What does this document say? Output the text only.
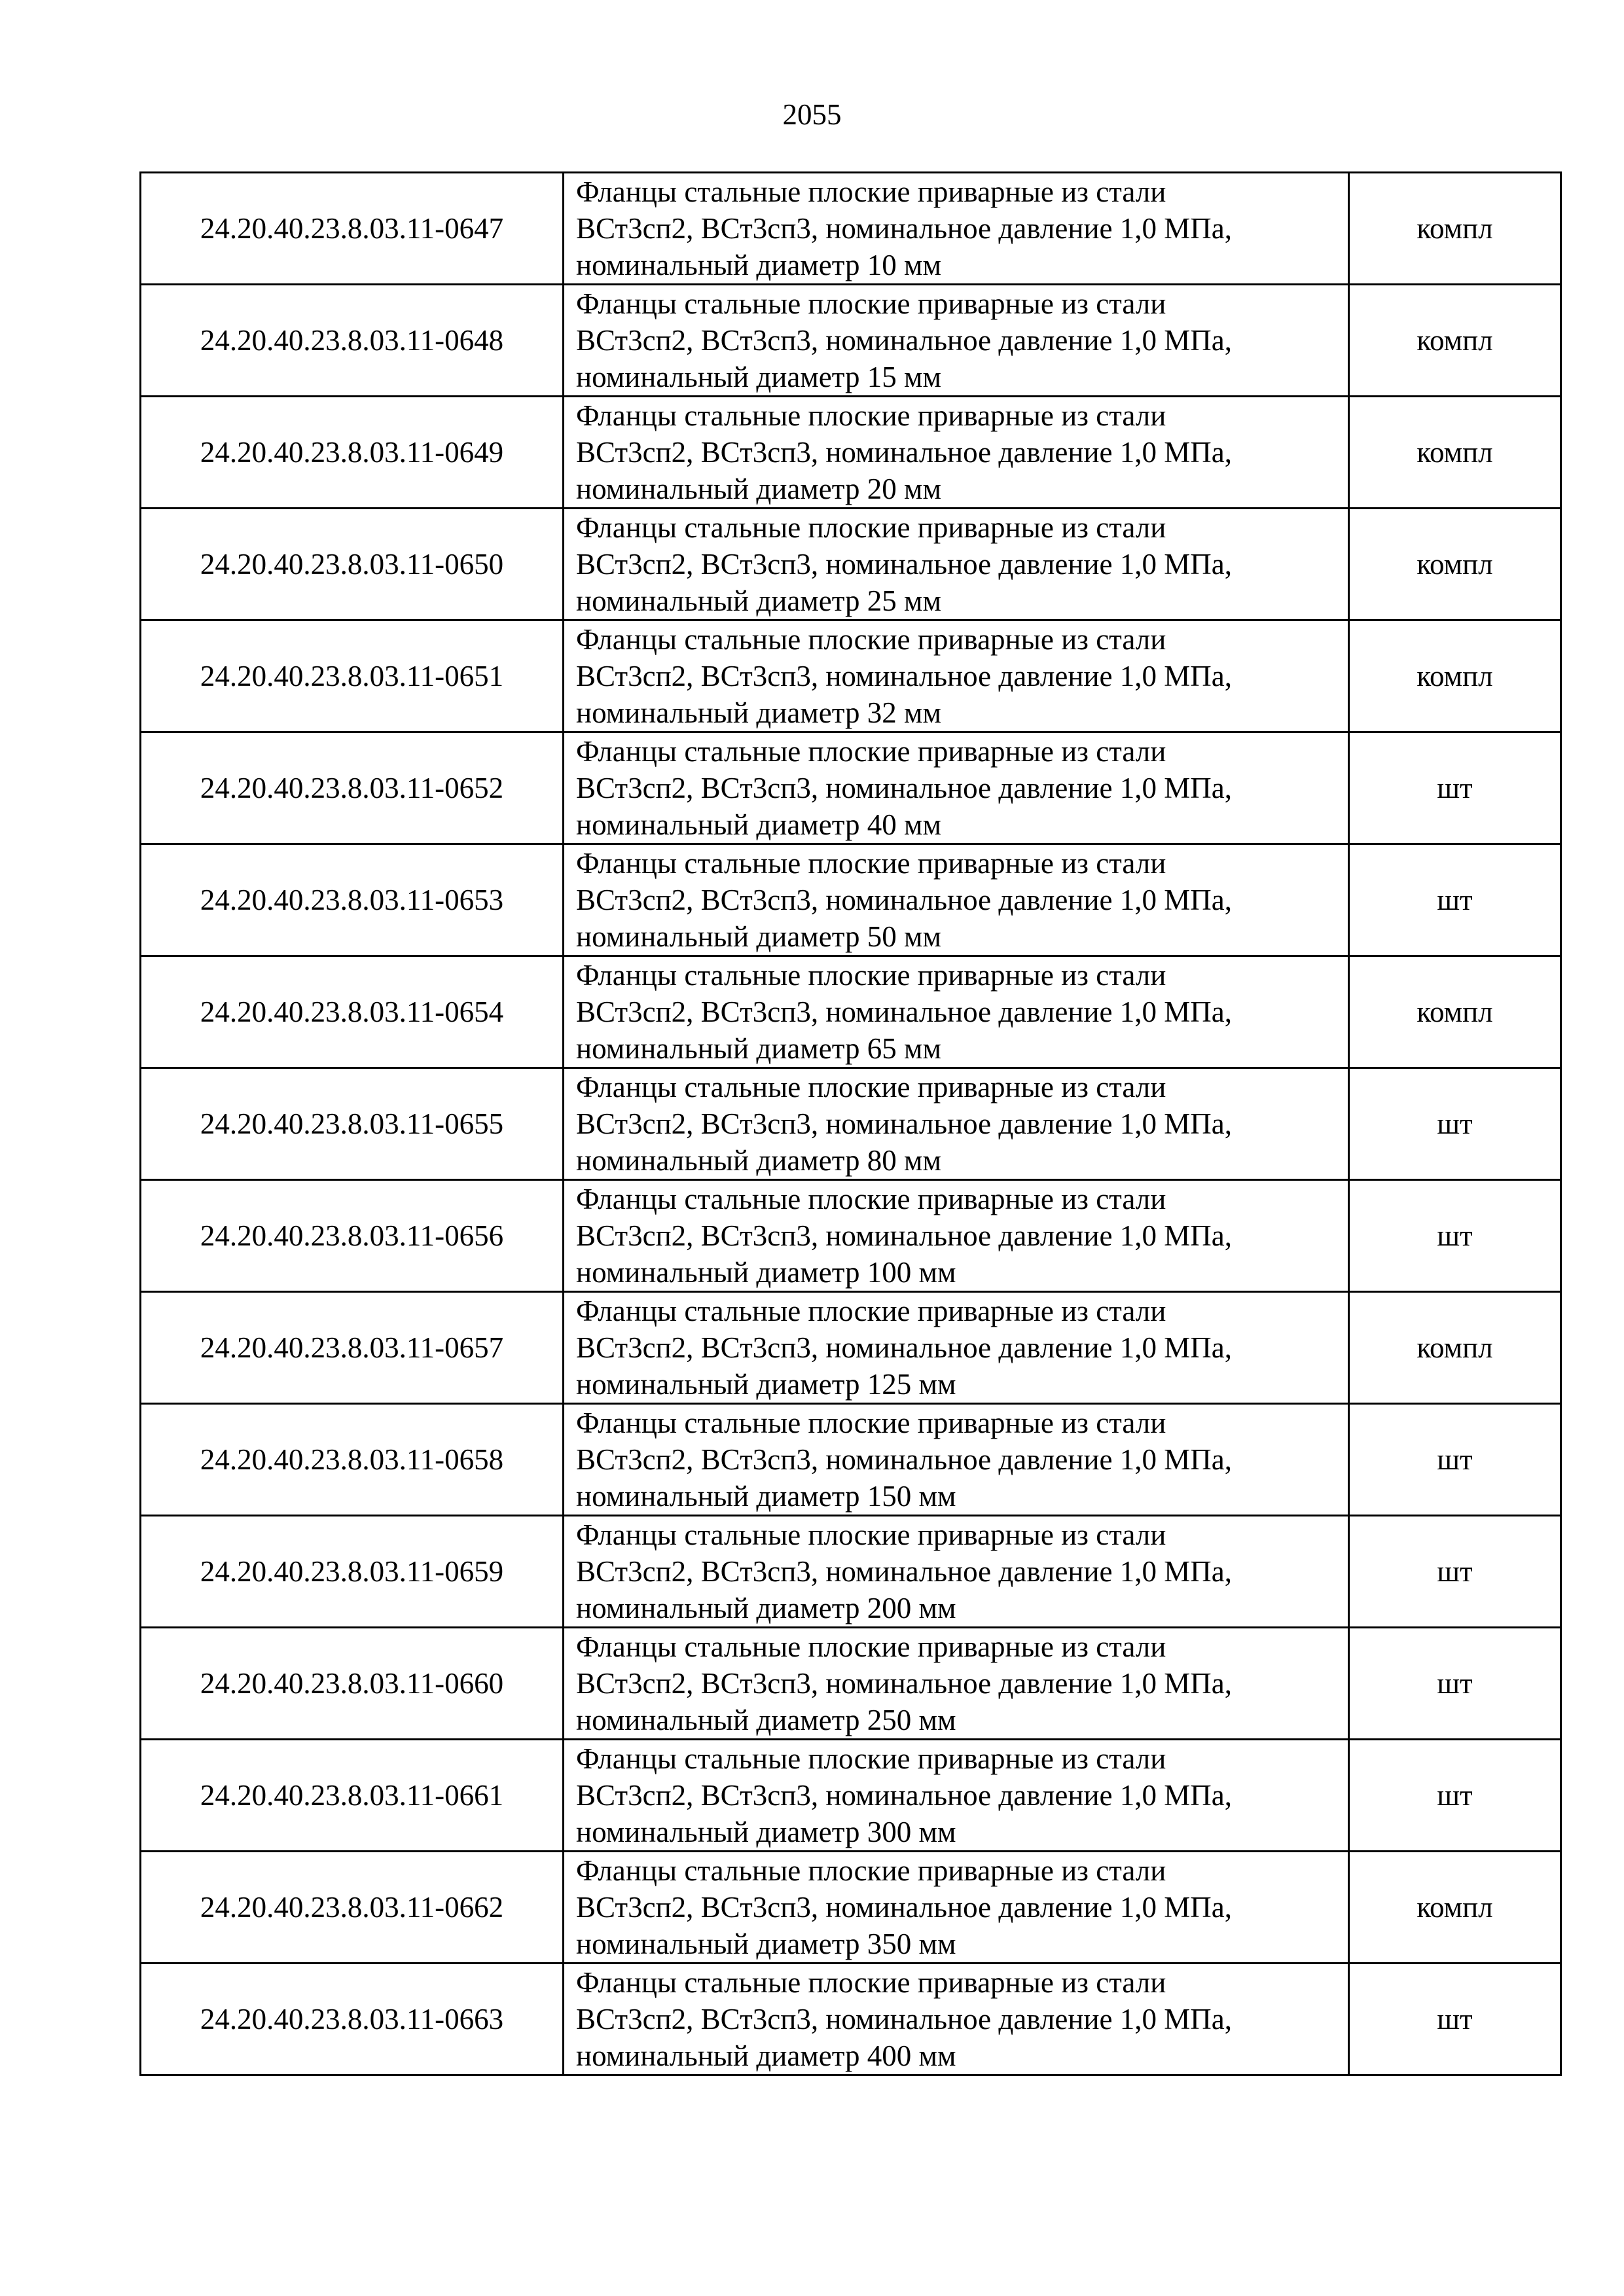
2055
24.20.40.23.8.03.11-0647	Фланцы стальные плоские приварные из стали
ВСт3сп2, ВСт3сп3, номинальное давление 1,0 МПа,
номинальный диаметр 10 мм	компл
24.20.40.23.8.03.11-0648	Фланцы стальные плоские приварные из стали
ВСт3сп2, ВСт3сп3, номинальное давление 1,0 МПа,
номинальный диаметр 15 мм	компл
24.20.40.23.8.03.11-0649	Фланцы стальные плоские приварные из стали
ВСт3сп2, ВСт3сп3, номинальное давление 1,0 МПа,
номинальный диаметр 20 мм	компл
24.20.40.23.8.03.11-0650	Фланцы стальные плоские приварные из стали
ВСт3сп2, ВСт3сп3, номинальное давление 1,0 МПа,
номинальный диаметр 25 мм	компл
24.20.40.23.8.03.11-0651	Фланцы стальные плоские приварные из стали
ВСт3сп2, ВСт3сп3, номинальное давление 1,0 МПа,
номинальный диаметр 32 мм	компл
24.20.40.23.8.03.11-0652	Фланцы стальные плоские приварные из стали
ВСт3сп2, ВСт3сп3, номинальное давление 1,0 МПа,
номинальный диаметр 40 мм	шт
24.20.40.23.8.03.11-0653	Фланцы стальные плоские приварные из стали
ВСт3сп2, ВСт3сп3, номинальное давление 1,0 МПа,
номинальный диаметр 50 мм	шт
24.20.40.23.8.03.11-0654	Фланцы стальные плоские приварные из стали
ВСт3сп2, ВСт3сп3, номинальное давление 1,0 МПа,
номинальный диаметр 65 мм	компл
24.20.40.23.8.03.11-0655	Фланцы стальные плоские приварные из стали
ВСт3сп2, ВСт3сп3, номинальное давление 1,0 МПа,
номинальный диаметр 80 мм	шт
24.20.40.23.8.03.11-0656	Фланцы стальные плоские приварные из стали
ВСт3сп2, ВСт3сп3, номинальное давление 1,0 МПа,
номинальный диаметр 100 мм	шт
24.20.40.23.8.03.11-0657	Фланцы стальные плоские приварные из стали
ВСт3сп2, ВСт3сп3, номинальное давление 1,0 МПа,
номинальный диаметр 125 мм	компл
24.20.40.23.8.03.11-0658	Фланцы стальные плоские приварные из стали
ВСт3сп2, ВСт3сп3, номинальное давление 1,0 МПа,
номинальный диаметр 150 мм	шт
24.20.40.23.8.03.11-0659	Фланцы стальные плоские приварные из стали
ВСт3сп2, ВСт3сп3, номинальное давление 1,0 МПа,
номинальный диаметр 200 мм	шт
24.20.40.23.8.03.11-0660	Фланцы стальные плоские приварные из стали
ВСт3сп2, ВСт3сп3, номинальное давление 1,0 МПа,
номинальный диаметр 250 мм	шт
24.20.40.23.8.03.11-0661	Фланцы стальные плоские приварные из стали
ВСт3сп2, ВСт3сп3, номинальное давление 1,0 МПа,
номинальный диаметр 300 мм	шт
24.20.40.23.8.03.11-0662	Фланцы стальные плоские приварные из стали
ВСт3сп2, ВСт3сп3, номинальное давление 1,0 МПа,
номинальный диаметр 350 мм	компл
24.20.40.23.8.03.11-0663	Фланцы стальные плоские приварные из стали
ВСт3сп2, ВСт3сп3, номинальное давление 1,0 МПа,
номинальный диаметр 400 мм	шт
